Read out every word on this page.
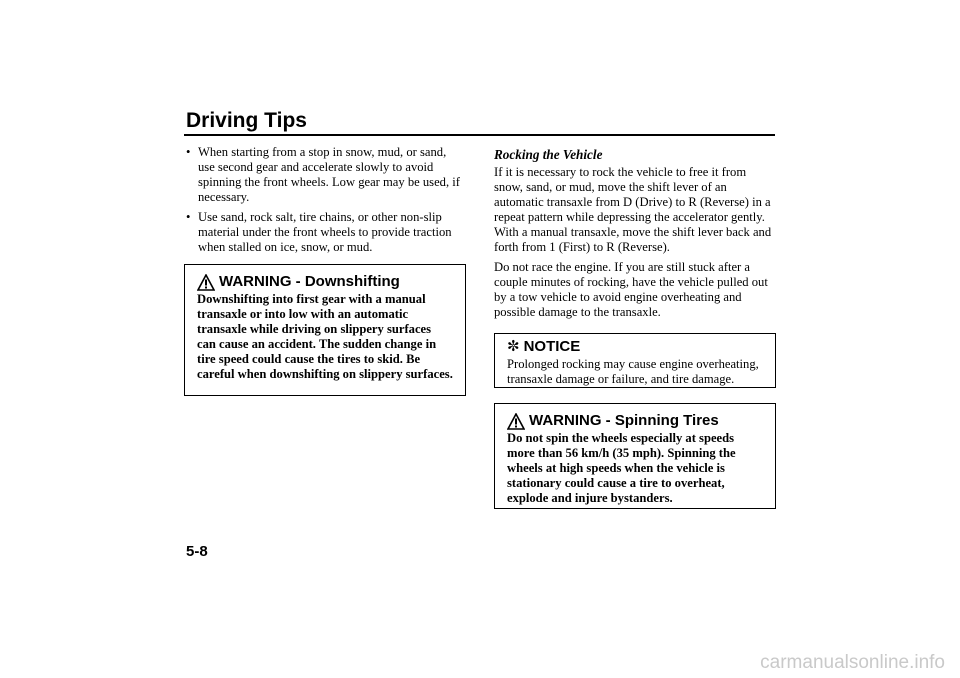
Driving Tips
• When starting from a stop in snow, mud, or sand, use second gear and accelerate slowly to avoid spinning the front wheels. Low gear may be used, if necessary.
• Use sand, rock salt, tire chains, or other non-slip material under the front wheels to provide traction when stalled on ice, snow, or mud.
WARNING - Downshifting
Downshifting into first gear with a manual transaxle or into low with an automatic transaxle while driving on slippery surfaces can cause an accident. The sudden change in tire speed could cause the tires to skid. Be careful when downshifting on slippery surfaces.
Rocking the Vehicle

If it is necessary to rock the vehicle to free it from snow, sand, or mud, move the shift lever of an automatic transaxle from D (Drive) to R (Reverse) in a repeat pattern while depressing the accelerator gently. With a manual transaxle, move the shift lever back and forth from 1 (First) to R (Reverse).

Do not race the engine. If you are still stuck after a couple minutes of rocking, have the vehicle pulled out by a tow vehicle to avoid engine overheating and possible damage to the transaxle.

✼ NOTICE
Prolonged rocking may cause engine overheating, transaxle damage or failure, and tire damage.
WARNING - Spinning Tires
Do not spin the wheels especially at speeds more than 56 km/h (35 mph). Spinning the wheels at high speeds when the vehicle is stationary could cause a tire to overheat, explode and injure bystanders.
5-8
carmanualsonline.info
